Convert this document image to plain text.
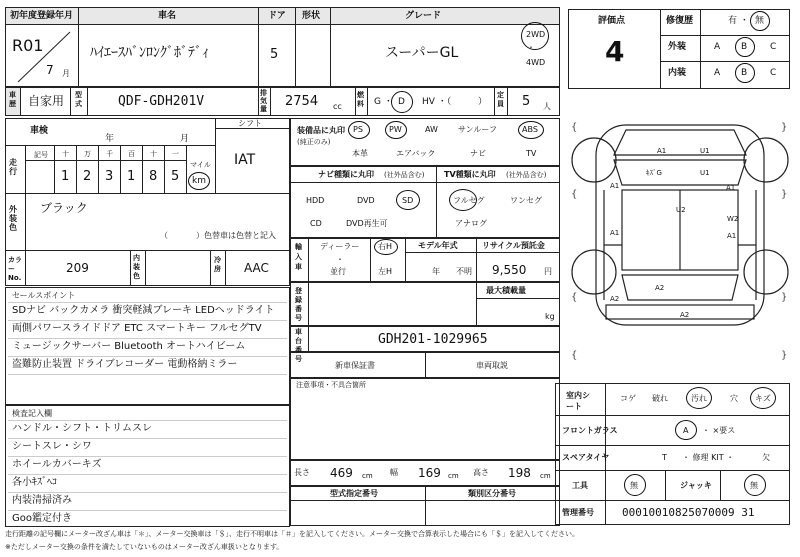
初年度登録年月	車名	ドア 形状	グレード
R01
7 月
ﾊｲｴｰｽﾊﾞﾝﾛﾝｸﾞﾎﾞﾃﾞｨ	5	スーパーGL
2WD
・
4WD
車歴 自家用 型式	QDF-GDH201V
排気量 2754 cc
燃料 G ・ D HV ・（	）
定員 5 人
車検
年	月
シフト
IAT
走行
記号 十 万 千 百 十 一
1 2 3 1 8 5
マイル
km
外装色
ブラック
（	）色替車は色替と記入
カラーNo.
209
内装色
冷房 AAC
セールスポイント
SDナビ バックカメラ 衝突軽減ブレーキ LEDヘッドライト
両側パワースライドドア ETC スマートキー フルセグTV
ミュージックサーバー Bluetooth オートハイビーム
盗難防止装置 ドライブレコーダー 電動格納ミラー
検査記入欄
ハンドル・シフト・トリムスレ
シートスレ・シワ
ホイールカバーキズ
各小ｷｽﾞﾍｺ
内装清掃済み
Goo鑑定付き
装備品に丸印
(純正のみ)
PS	PW	AW	サンルーフ	ABS
本革	エアバック	ナビ	TV
ナビ種類に丸印 (社外品含む) TV種類に丸印 (社外品含む)
HDD	DVD	SD
CD	DVD再生可
フルセグ	ワンセグ
アナログ
輸入車
ディーラー
・
並行
右H
左H
モデル年式
年 不明
リサイクル預託金
9,550 円
登録番号
最大積載量
kg
車台番号
GDH201-1029965
新車保証書	車両取説
注意事項・不具合箇所
長さ 469 cm 幅 169 cm 高さ 198 cm
型式指定番号	類別区分番号
評価点
4
修復歴	有 ・ 無
外装	A B	C
内装	A B	C
{	}
{	}
{	}
{	}
A1	U1
A1
U1
ｷｽﾞG
A1
U2
W2
A1	A1
A2
A2
A2
室内シート
コゲ 破れ	汚れ	穴 キズ
フロントガラス	A ・ ×要ス
スペアタイヤ	T ・ 修理 KIT ・	欠
工具	無	ジャッキ	無
管理番号	00010010825070009 31
走行距離の記号欄にメーター改ざん車は「＊」、メーター交換車は「＄」、走行不明車は「＃」を記入してください。メーター交換で合算表示した場合にも「＄」を記入してください。
※ただしメーター交換の条件を満たしていないものはメーター改ざん車扱いとなります。
